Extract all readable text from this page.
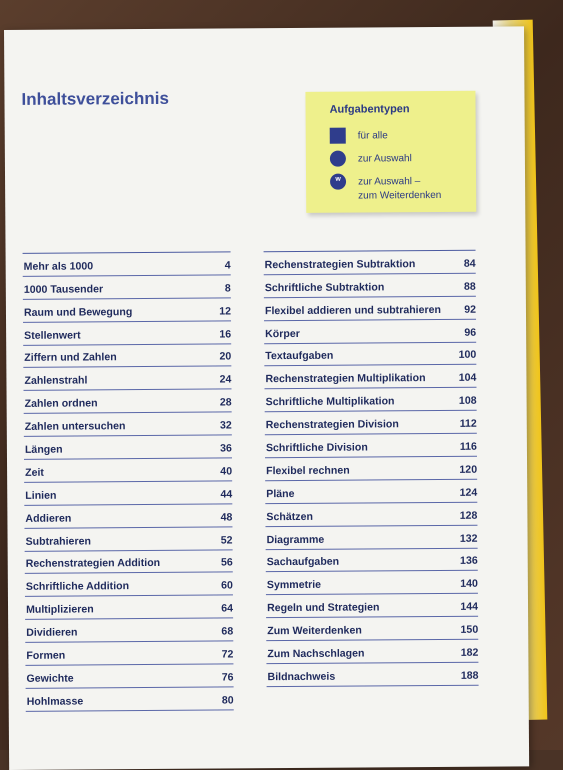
Inhaltsverzeichnis
Aufgabentypen
für alle
zur Auswahl
w	zur Auswahl –
zum Weiterdenken
Mehr als 1000	4
1000 Tausender	8
Raum und Bewegung	12
Stellenwert	16
Ziffern und Zahlen	20
Zahlenstrahl	24
Zahlen ordnen	28
Zahlen untersuchen	32
Längen	36
Zeit	40
Linien	44
Addieren	48
Subtrahieren	52
Rechenstrategien Addition	56
Schriftliche Addition	60
Multiplizieren	64
Dividieren	68
Formen	72
Gewichte	76
Hohlmasse	80
Rechenstrategien Subtraktion	84
Schriftliche Subtraktion	88
Flexibel addieren und subtrahieren 92
Körper	96
Textaufgaben	100
Rechenstrategien Multiplikation	104
Schriftliche Multiplikation	108
Rechenstrategien Division	112
Schriftliche Division	116
Flexibel rechnen	120
Pläne	124
Schätzen	128
Diagramme	132
Sachaufgaben	136
Symmetrie	140
Regeln und Strategien	144
Zum Weiterdenken	150
Zum Nachschlagen	182
Bildnachweis	188
